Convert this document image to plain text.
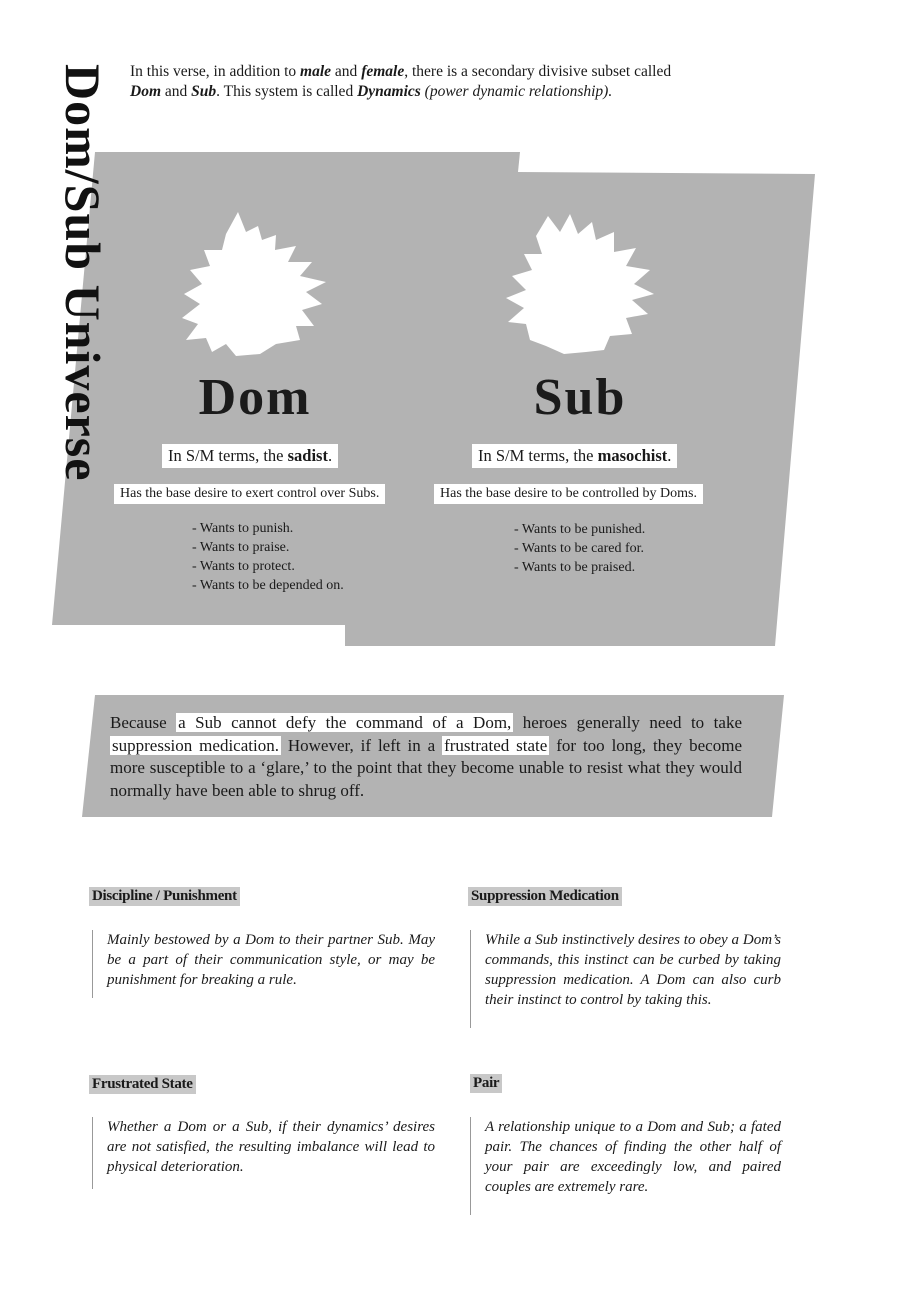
Dom/Sub Universe In this verse, in addition to male and female, there is a secondary divisive subset called
Dom and Sub. This system is called Dynamics (power dynamic relationship).
Dom
In S/M terms, the sadist.
Has the base desire to exert control over Subs.
- Wants to punish.
- Wants to praise.
- Wants to protect.
- Wants to be depended on.
Sub
In S/M terms, the masochist.
Has the base desire to be controlled by Doms.
- Wants to be punished.
- Wants to be cared for.
- Wants to be praised.
Because a Sub cannot defy the command of a Dom, heroes generally need to take suppression medication. However, if left in a frustrated state for too long, they become more susceptible to a ‘glare,’ to the point that they become unable to resist what they would normally have been able to shrug off.
Discipline / Punishment
Mainly bestowed by a Dom to their partner Sub. May be a part of their communication style, or may be punishment for breaking a rule.
Suppression Medication
While a Sub instinctively desires to obey a Dom’s commands, this instinct can be curbed by taking suppression medication. A Dom can also curb their instinct to control by taking this.
Frustrated State
Whether a Dom or a Sub, if their dynamics’ desires are not satisfied, the resulting imbalance will lead to physical deterioration.
Pair
A relationship unique to a Dom and Sub; a fated pair. The chances of finding the other half of your pair are exceedingly low, and paired couples are extremely rare.
